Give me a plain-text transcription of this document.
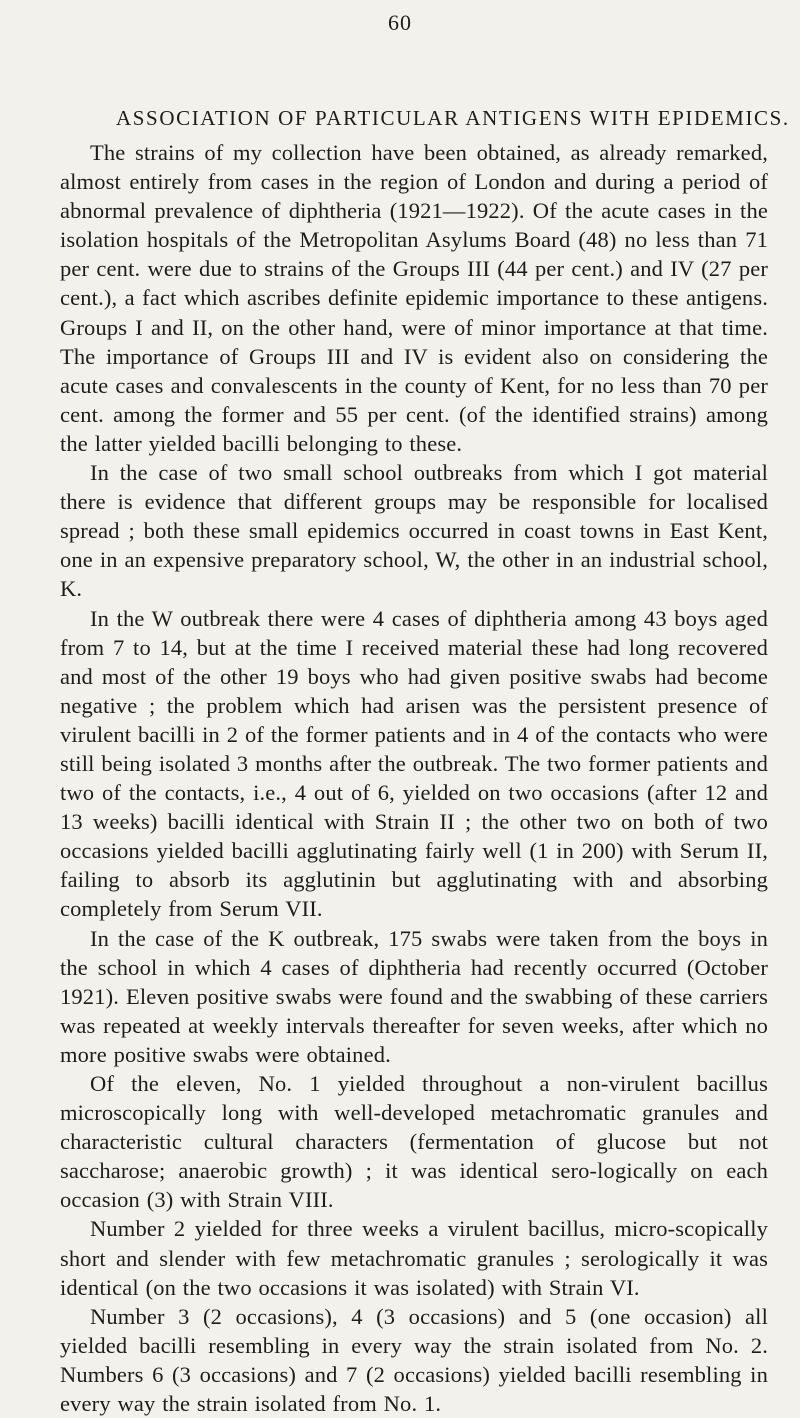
60
ASSOCIATION OF PARTICULAR ANTIGENS WITH EPIDEMICS.

The strains of my collection have been obtained, as already remarked, almost entirely from cases in the region of London and during a period of abnormal prevalence of diphtheria (1921—1922). Of the acute cases in the isolation hospitals of the Metropolitan Asylums Board (48) no less than 71 per cent. were due to strains of the Groups III (44 per cent.) and IV (27 per cent.), a fact which ascribes definite epidemic importance to these antigens. Groups I and II, on the other hand, were of minor importance at that time. The importance of Groups III and IV is evident also on considering the acute cases and convalescents in the county of Kent, for no less than 70 per cent. among the former and 55 per cent. (of the identified strains) among the latter yielded bacilli belonging to these.

In the case of two small school outbreaks from which I got material there is evidence that different groups may be responsible for localised spread ; both these small epidemics occurred in coast towns in East Kent, one in an expensive preparatory school, W, the other in an industrial school, K.

In the W outbreak there were 4 cases of diphtheria among 43 boys aged from 7 to 14, but at the time I received material these had long recovered and most of the other 19 boys who had given positive swabs had become negative ; the problem which had arisen was the persistent presence of virulent bacilli in 2 of the former patients and in 4 of the contacts who were still being isolated 3 months after the outbreak. The two former patients and two of the contacts, i.e., 4 out of 6, yielded on two occasions (after 12 and 13 weeks) bacilli identical with Strain II ; the other two on both of two occasions yielded bacilli agglutinating fairly well (1 in 200) with Serum II, failing to absorb its agglutinin but agglutinating with and absorbing completely from Serum VII.

In the case of the K outbreak, 175 swabs were taken from the boys in the school in which 4 cases of diphtheria had recently occurred (October 1921). Eleven positive swabs were found and the swabbing of these carriers was repeated at weekly intervals thereafter for seven weeks, after which no more positive swabs were obtained.

Of the eleven, No. 1 yielded throughout a non-virulent bacillus microscopically long with well-developed metachromatic granules and characteristic cultural characters (fermentation of glucose but not saccharose; anaerobic growth) ; it was identical sero-logically on each occasion (3) with Strain VIII.

Number 2 yielded for three weeks a virulent bacillus, micro-scopically short and slender with few metachromatic granules ; serologically it was identical (on the two occasions it was isolated) with Strain VI.

Number 3 (2 occasions), 4 (3 occasions) and 5 (one occasion) all yielded bacilli resembling in every way the strain isolated from No. 2. Numbers 6 (3 occasions) and 7 (2 occasions) yielded bacilli resembling in every way the strain isolated from No. 1.
